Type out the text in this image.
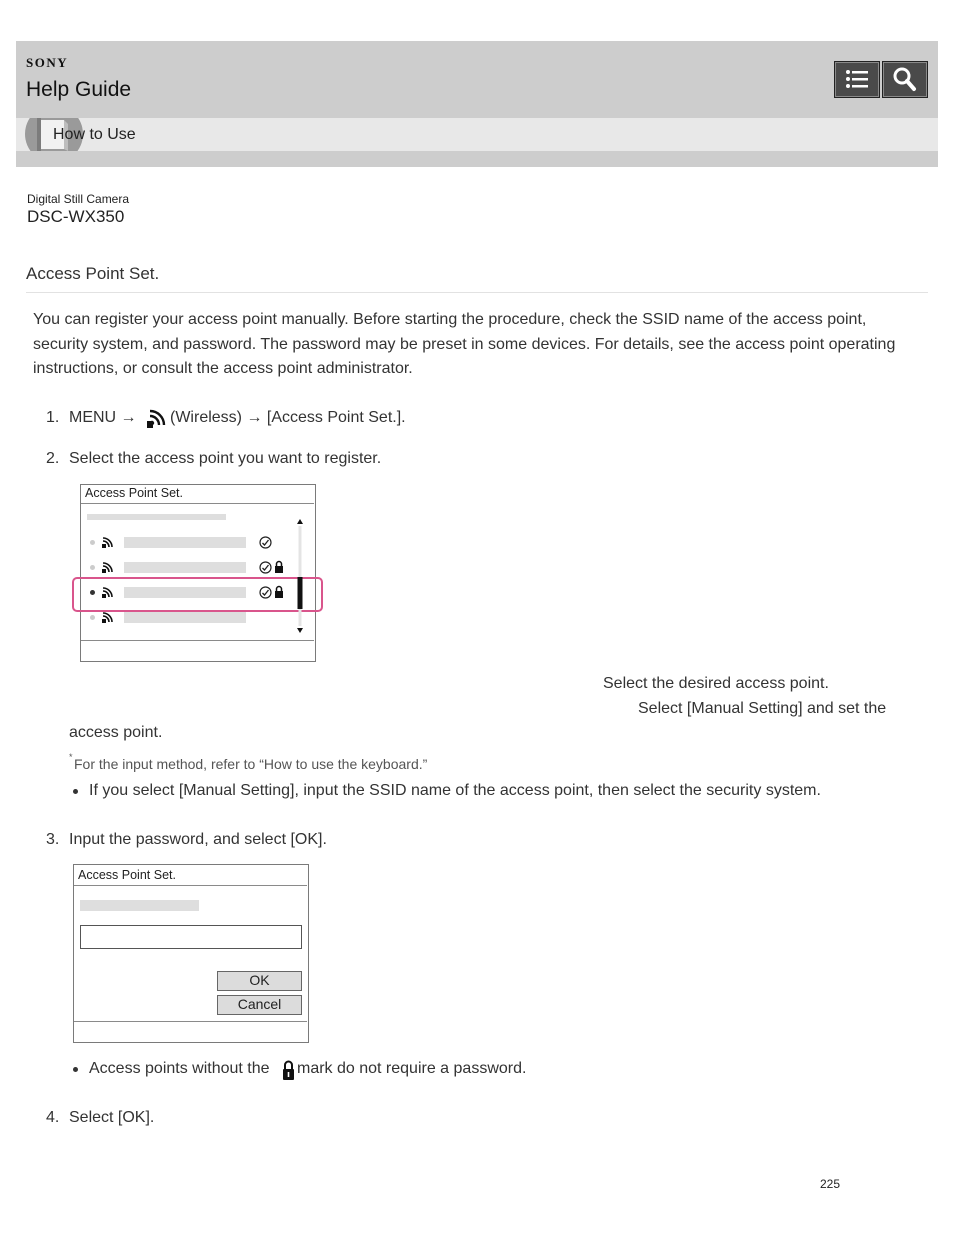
SONY
Help Guide
How to Use
Digital Still Camera
DSC-WX350
Access Point Set.
You can register your access point manually. Before starting the procedure, check the SSID name of the access point, security system, and password. The password may be preset in some devices. For details, see the access point operating instructions, or consult the access point administrator.
1. MENU → (Wireless) → [Access Point Set.].
2. Select the access point you want to register.
Access Point Set.
Select the desired access point.
Select [Manual Setting] and set the
access point.
* For the input method, refer to “How to use the keyboard.”
If you select [Manual Setting], input the SSID name of the access point, then select the security system.
3. Input the password, and select [OK].
Access Point Set.
OK
Cancel
Access points without the mark do not require a password.
4. Select [OK].
225
